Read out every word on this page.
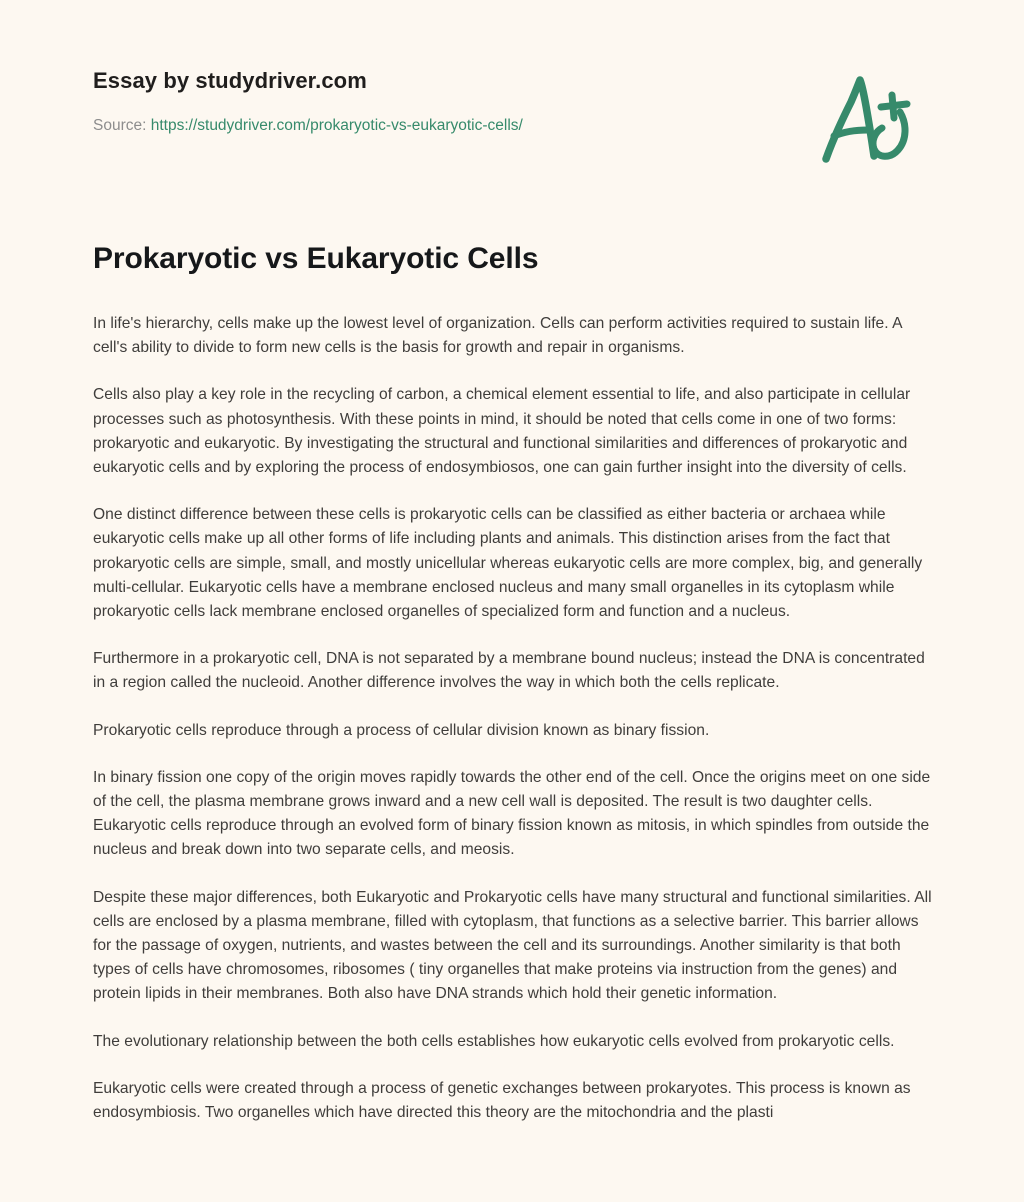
Essay by studydriver.com
Source: https://studydriver.com/prokaryotic-vs-eukaryotic-cells/
Prokaryotic vs Eukaryotic Cells

In life's hierarchy, cells make up the lowest level of organization. Cells can perform activities required to sustain life. A cell's ability to divide to form new cells is the basis for growth and repair in organisms.

Cells also play a key role in the recycling of carbon, a chemical element essential to life, and also participate in cellular processes such as photosynthesis. With these points in mind, it should be noted that cells come in one of two forms: prokaryotic and eukaryotic. By investigating the structural and functional similarities and differences of prokaryotic and eukaryotic cells and by exploring the process of endosymbiosos, one can gain further insight into the diversity of cells.

One distinct difference between these cells is prokaryotic cells can be classified as either bacteria or archaea while eukaryotic cells make up all other forms of life including plants and animals. This distinction arises from the fact that prokaryotic cells are simple, small, and mostly unicellular whereas eukaryotic cells are more complex, big, and generally multi-cellular. Eukaryotic cells have a membrane enclosed nucleus and many small organelles in its cytoplasm while prokaryotic cells lack membrane enclosed organelles of specialized form and function and a nucleus.

Furthermore in a prokaryotic cell, DNA is not separated by a membrane bound nucleus; instead the DNA is concentrated in a region called the nucleoid. Another difference involves the way in which both the cells replicate.

Prokaryotic cells reproduce through a process of cellular division known as binary fission.

In binary fission one copy of the origin moves rapidly towards the other end of the cell. Once the origins meet on one side of the cell, the plasma membrane grows inward and a new cell wall is deposited. The result is two daughter cells. Eukaryotic cells reproduce through an evolved form of binary fission known as mitosis, in which spindles from outside the nucleus and break down into two separate cells, and meosis.

Despite these major differences, both Eukaryotic and Prokaryotic cells have many structural and functional similarities. All cells are enclosed by a plasma membrane, filled with cytoplasm, that functions as a selective barrier. This barrier allows for the passage of oxygen, nutrients, and wastes between the cell and its surroundings. Another similarity is that both types of cells have chromosomes, ribosomes ( tiny organelles that make proteins via instruction from the genes) and protein lipids in their membranes. Both also have DNA strands which hold their genetic information.

The evolutionary relationship between the both cells establishes how eukaryotic cells evolved from prokaryotic cells.

Eukaryotic cells were created through a process of genetic exchanges between prokaryotes. This process is known as endosymbiosis. Two organelles which have directed this theory are the mitochondria and the plasti
